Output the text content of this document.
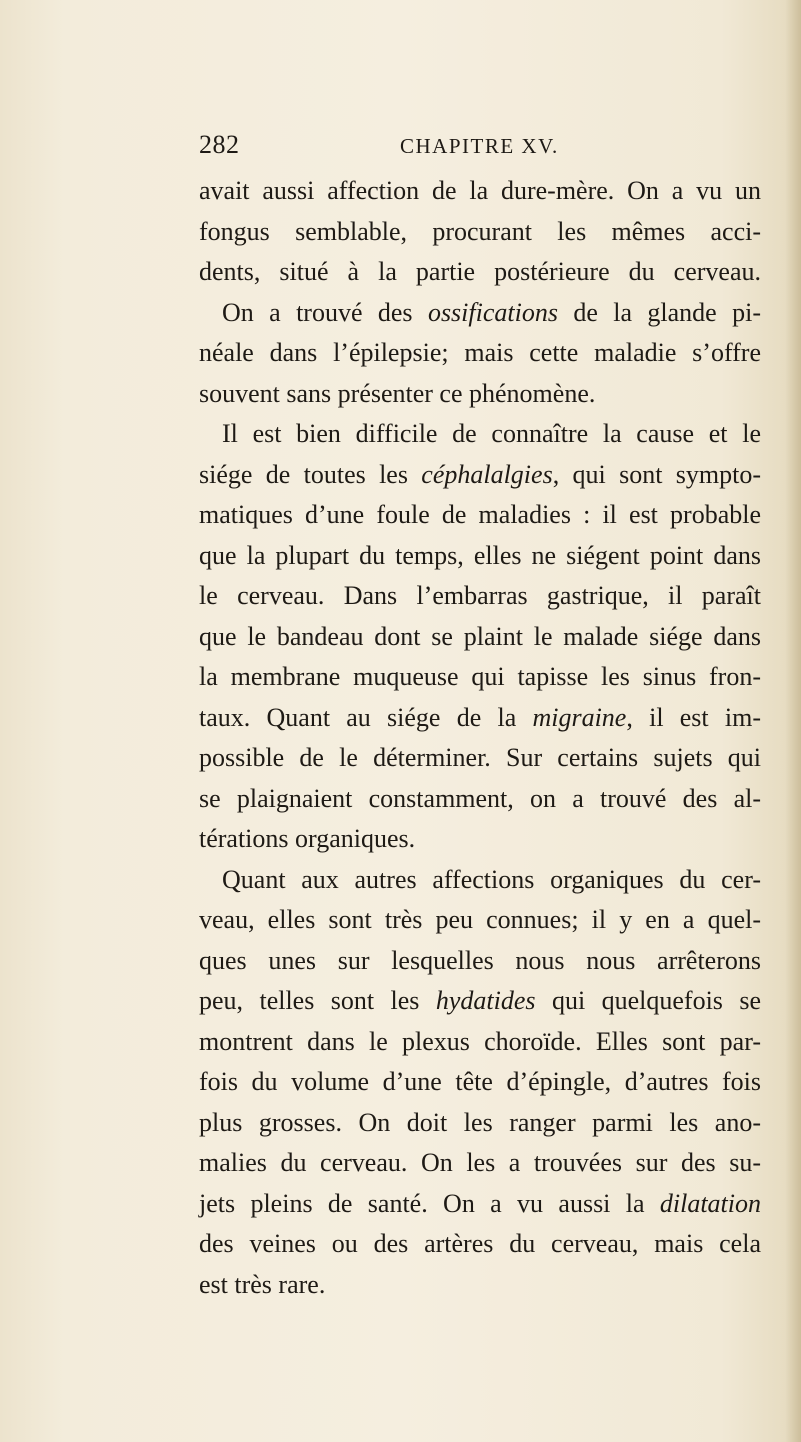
282	CHAPITRE XV.
avait aussi affection de la dure-mère. On a vu un
fongus semblable, procurant les mêmes acci-
dents, situé à la partie postérieure du cerveau.
On a trouvé des ossifications de la glande pi-
néale dans l’épilepsie; mais cette maladie s’offre
souvent sans présenter ce phénomène.
Il est bien difficile de connaître la cause et le
siége de toutes les céphalalgies, qui sont sympto-
matiques d’une foule de maladies : il est probable
que la plupart du temps, elles ne siégent point dans
le cerveau. Dans l’embarras gastrique, il paraît
que le bandeau dont se plaint le malade siége dans
la membrane muqueuse qui tapisse les sinus fron-
taux. Quant au siége de la migraine, il est im-
possible de le déterminer. Sur certains sujets qui
se plaignaient constamment, on a trouvé des al-
térations organiques.
Quant aux autres affections organiques du cer-
veau, elles sont très peu connues; il y en a quel-
ques unes sur lesquelles nous nous arrêterons
peu, telles sont les hydatides qui quelquefois se
montrent dans le plexus choroïde. Elles sont par-
fois du volume d’une tête d’épingle, d’autres fois
plus grosses. On doit les ranger parmi les ano-
malies du cerveau. On les a trouvées sur des su-
jets pleins de santé. On a vu aussi la dilatation
des veines ou des artères du cerveau, mais cela
est très rare.
